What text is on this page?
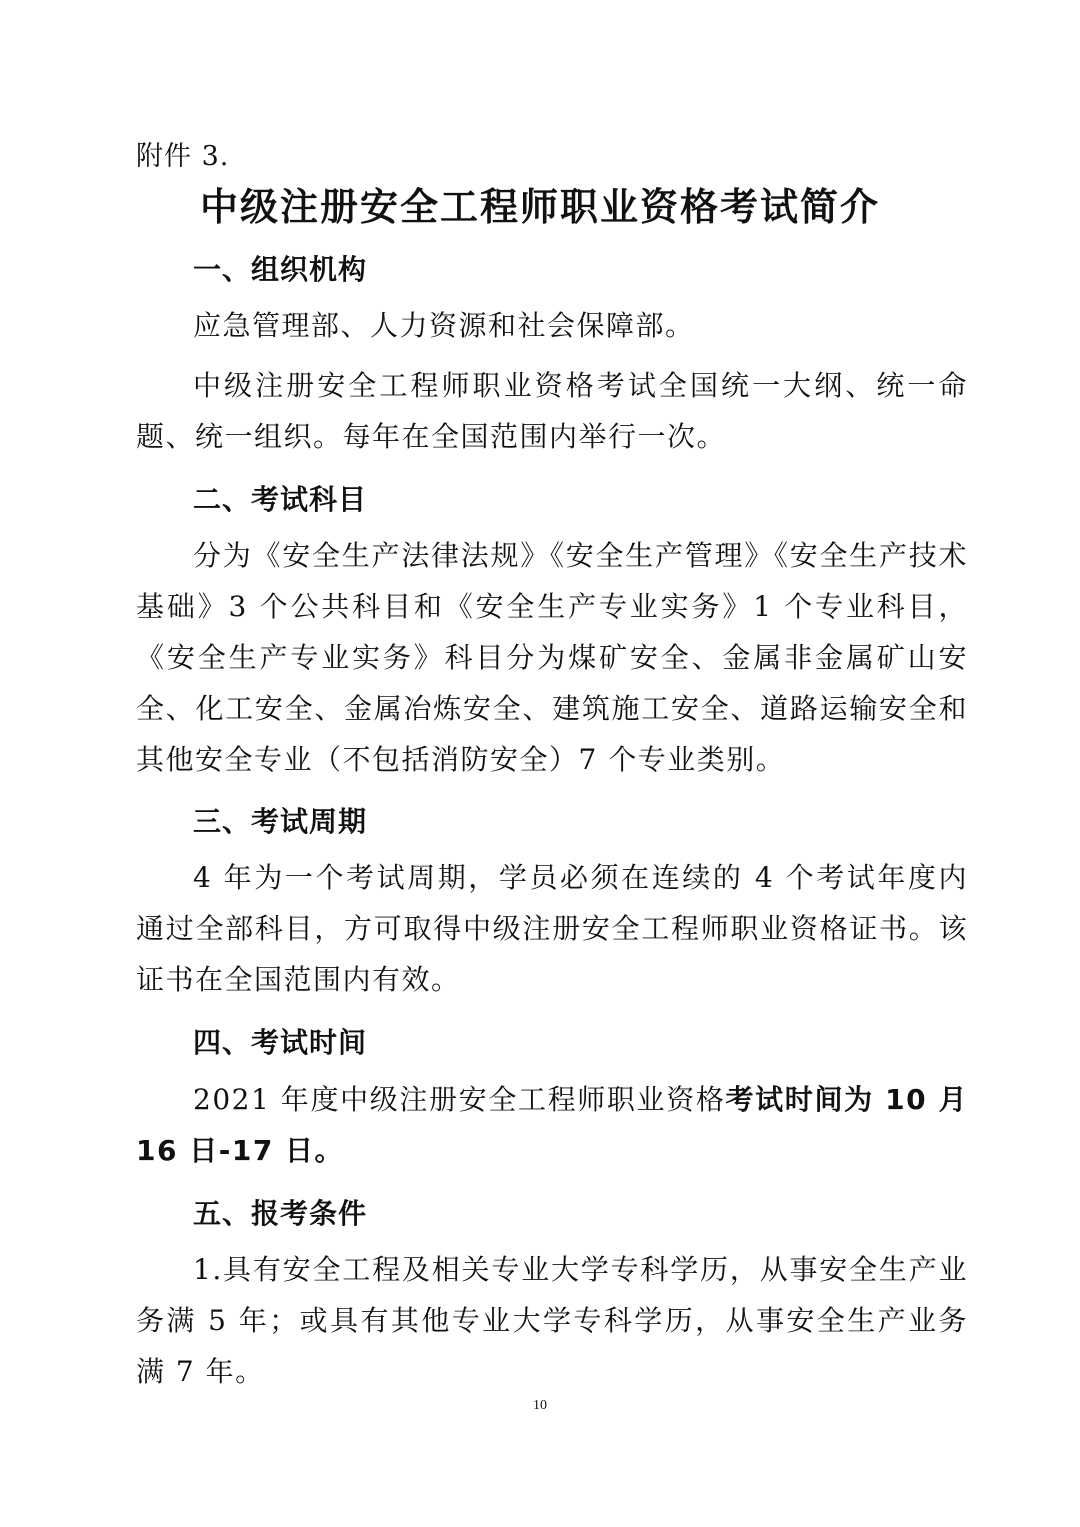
附件 3.
中级注册安全工程师职业资格考试简介
一、组织机构
应急管理部、人力资源和社会保障部。
中级注册安全工程师职业资格考试全国统一大纲、统一命题、统一组织。每年在全国范围内举行一次。
二、考试科目
分为《安全生产法律法规》《安全生产管理》《安全生产技术基础》3 个公共科目和《安全生产专业实务》1 个专业科目，《安全生产专业实务》科目分为煤矿安全、金属非金属矿山安全、化工安全、金属冶炼安全、建筑施工安全、道路运输安全和其他安全专业（不包括消防安全）7 个专业类别。
三、考试周期
4 年为一个考试周期，学员必须在连续的 4 个考试年度内通过全部科目，方可取得中级注册安全工程师职业资格证书。该证书在全国范围内有效。
四、考试时间
2021 年度中级注册安全工程师职业资格考试时间为 10 月 16 日-17 日。
五、报考条件
1.具有安全工程及相关专业大学专科学历，从事安全生产业务满 5 年；或具有其他专业大学专科学历，从事安全生产业务满 7 年。
10
